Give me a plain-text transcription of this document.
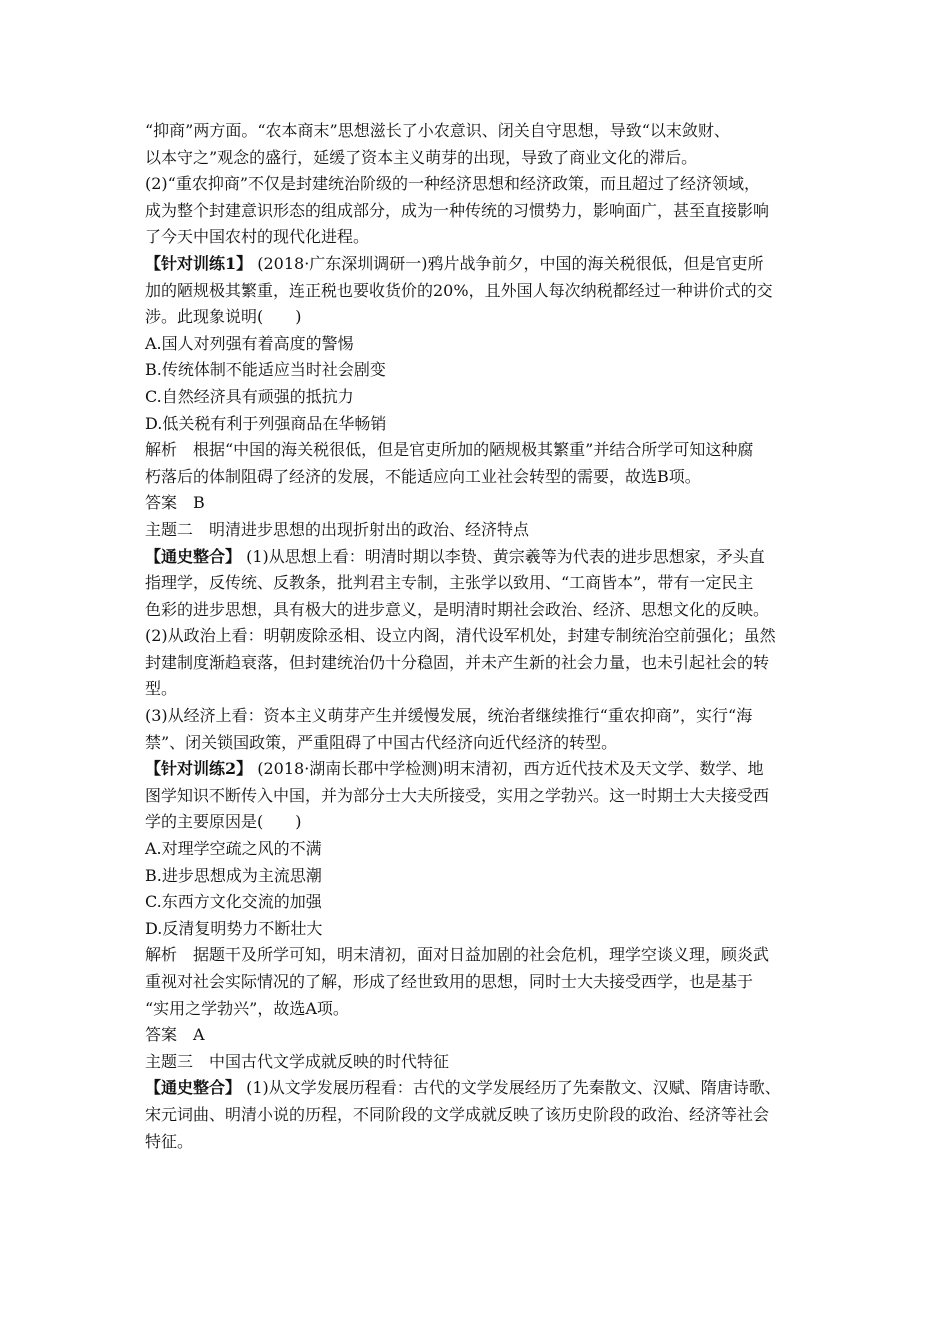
“抑商”两方面。“农本商末”思想滋长了小农意识、闭关自守思想，导致“以末敛财、
以本守之”观念的盛行，延缓了资本主义萌芽的出现，导致了商业文化的滞后。
(2)“重农抑商”不仅是封建统治阶级的一种经济思想和经济政策，而且超过了经济领域，
成为整个封建意识形态的组成部分，成为一种传统的习惯势力，影响面广，甚至直接影响
了今天中国农村的现代化进程。
【针对训练1】 (2018·广东深圳调研一)鸦片战争前夕，中国的海关税很低，但是官吏所
加的陋规极其繁重，连正税也要收货价的20%，且外国人每次纳税都经过一种讲价式的交
涉。此现象说明(　　)
A.国人对列强有着高度的警惕
B.传统体制不能适应当时社会剧变
C.自然经济具有顽强的抵抗力
D.低关税有利于列强商品在华畅销
解析　根据“中国的海关税很低，但是官吏所加的陋规极其繁重”并结合所学可知这种腐
朽落后的体制阻碍了经济的发展，不能适应向工业社会转型的需要，故选B项。
答案　B
主题二　明清进步思想的出现折射出的政治、经济特点
【通史整合】 (1)从思想上看：明清时期以李贽、黄宗羲等为代表的进步思想家，矛头直
指理学，反传统、反教条，批判君主专制，主张学以致用、“工商皆本”，带有一定民主
色彩的进步思想，具有极大的进步意义，是明清时期社会政治、经济、思想文化的反映。
(2)从政治上看：明朝废除丞相、设立内阁，清代设军机处，封建专制统治空前强化；虽然
封建制度渐趋衰落，但封建统治仍十分稳固，并未产生新的社会力量，也未引起社会的转
型。
(3)从经济上看：资本主义萌芽产生并缓慢发展，统治者继续推行“重农抑商”，实行“海
禁”、闭关锁国政策，严重阻碍了中国古代经济向近代经济的转型。
【针对训练2】 (2018·湖南长郡中学检测)明末清初，西方近代技术及天文学、数学、地
图学知识不断传入中国，并为部分士大夫所接受，实用之学勃兴。这一时期士大夫接受西
学的主要原因是(　　)
A.对理学空疏之风的不满
B.进步思想成为主流思潮
C.东西方文化交流的加强
D.反清复明势力不断壮大
解析　据题干及所学可知，明末清初，面对日益加剧的社会危机，理学空谈义理，顾炎武
重视对社会实际情况的了解，形成了经世致用的思想，同时士大夫接受西学，也是基于
“实用之学勃兴”，故选A项。
答案　A
主题三　中国古代文学成就反映的时代特征
【通史整合】 (1)从文学发展历程看：古代的文学发展经历了先秦散文、汉赋、隋唐诗歌、
宋元词曲、明清小说的历程，不同阶段的文学成就反映了该历史阶段的政治、经济等社会
特征。
